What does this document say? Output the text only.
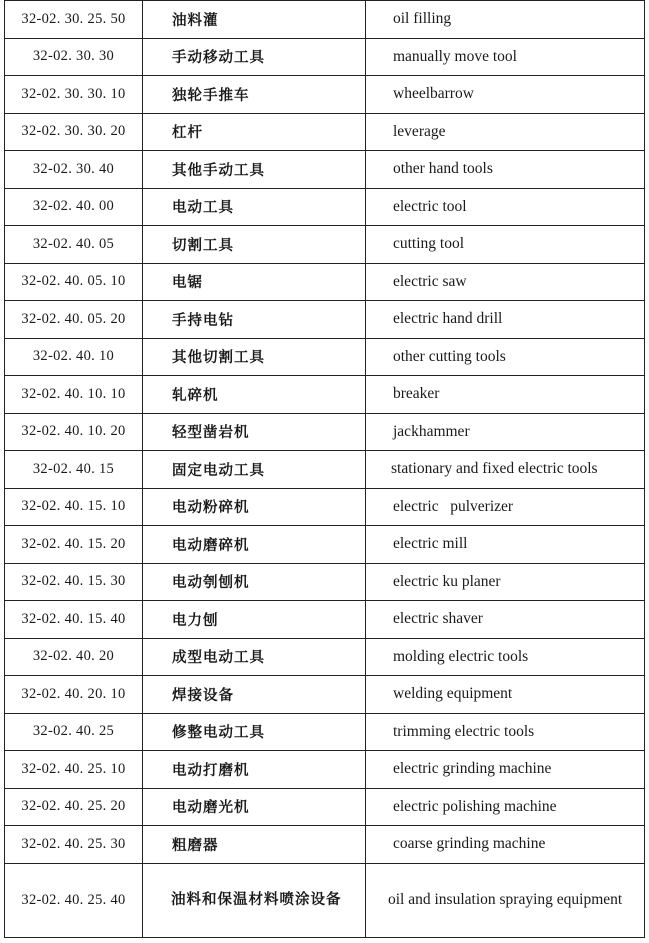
32-02. 30. 25. 50	油料灌	oil filling
32-02. 30. 30	手动移动工具	manually move tool
32-02. 30. 30. 10	独轮手推车	wheelbarrow
32-02. 30. 30. 20	杠杆	leverage
32-02. 30. 40	其他手动工具	other hand tools
32-02. 40. 00	电动工具	electric tool
32-02. 40. 05	切割工具	cutting tool
32-02. 40. 05. 10	电锯	electric saw
32-02. 40. 05. 20	手持电钻	electric hand drill
32-02. 40. 10	其他切割工具	other cutting tools
32-02. 40. 10. 10	轧碎机	breaker
32-02. 40. 10. 20	轻型凿岩机	jackhammer
32-02. 40. 15	固定电动工具	stationary and fixed electric tools
32-02. 40. 15. 10	电动粉碎机	electric   pulverizer
32-02. 40. 15. 20	电动磨碎机	electric mill
32-02. 40. 15. 30	电动刳刨机	electric ku planer
32-02. 40. 15. 40	电力刨	electric shaver
32-02. 40. 20	成型电动工具	molding electric tools
32-02. 40. 20. 10	焊接设备	welding equipment
32-02. 40. 25	修整电动工具	trimming electric tools
32-02. 40. 25. 10	电动打磨机	electric grinding machine
32-02. 40. 25. 20	电动磨光机	electric polishing machine
32-02. 40. 25. 30	粗磨器	coarse grinding machine
32-02. 40. 25. 40	油料和保温材料喷涂设备	oil and insulation spraying equipment
